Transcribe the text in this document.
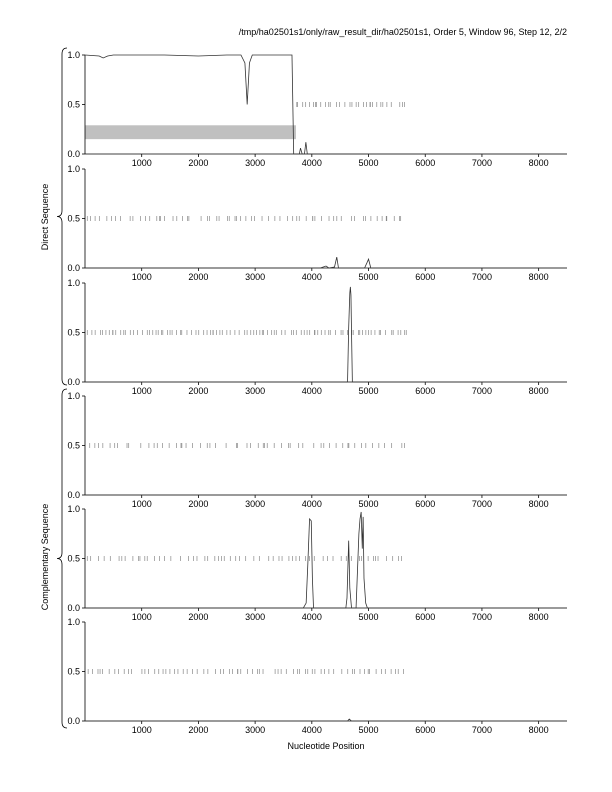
/tmp/ha02501s1/only/raw_result_dir/ha02501s1, Order 5, Window 96, Step 12, 2/2
0.0
0.5
1.0
1000	2000	3000	4000	5000	6000	7000	8000
0.0
0.5
1.0
1000	2000	3000	4000	5000	6000	7000	8000
0.0
0.5
1.0
1000	2000	3000	4000	5000	6000	7000	8000
0.0
0.5
1.0
1000	2000	3000	4000	5000	6000	7000	8000
0.0
0.5
1.0
1000	2000	3000	4000	5000	6000	7000	8000
0.0
0.5
1.0
1000	2000	3000	4000	5000	6000	7000	8000
Direct Sequence
Complementary Sequence
Nucleotide Position
